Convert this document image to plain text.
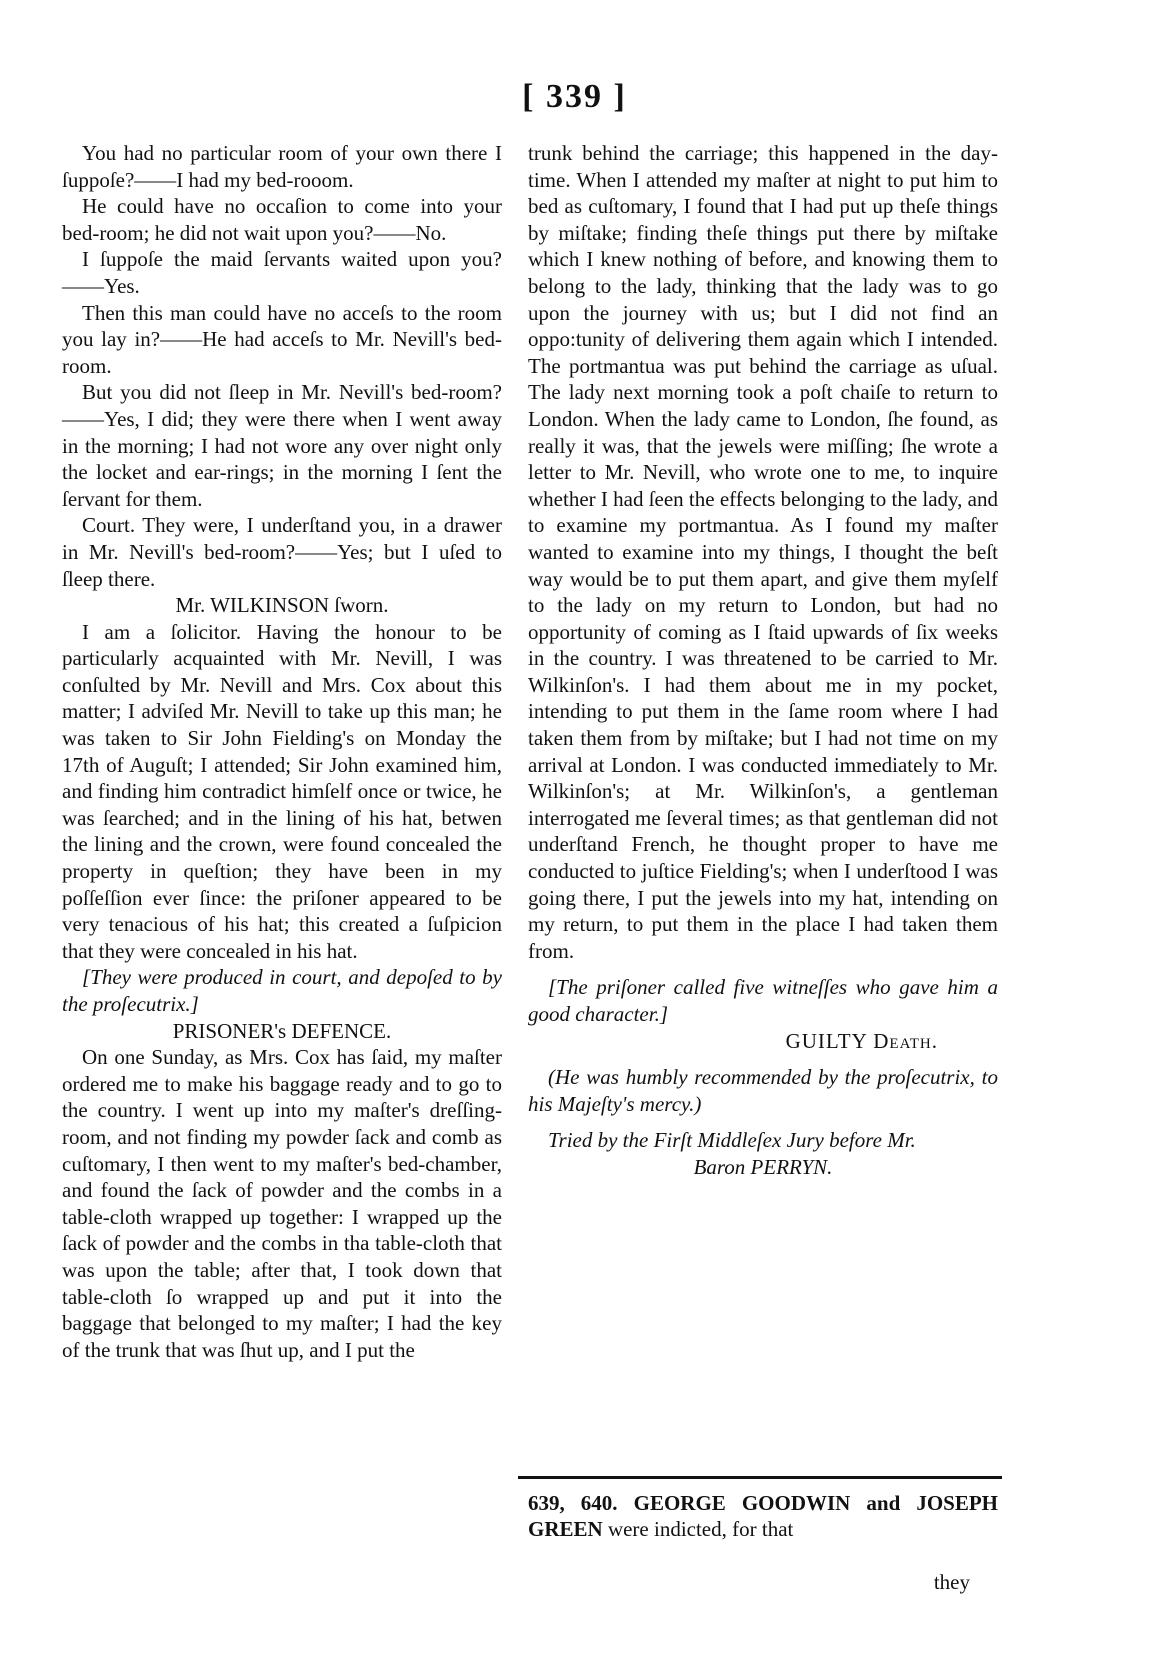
[ 339 ]

You had no particular room of your own there I ſuppoſe?——I had my bed-rooom.

He could have no occaſion to come into your bed-room; he did not wait upon you?——No.

I ſuppoſe the maid ſervants waited upon you?——Yes.

Then this man could have no acceſs to the room you lay in?——He had acceſs to Mr. Nevill's bed-room.

But you did not ſleep in Mr. Nevill's bed-room?——Yes, I did; they were there when I went away in the morning; I had not wore any over night only the locket and ear-rings; in the morning I ſent the ſervant for them.

Court. They were, I underſtand you, in a drawer in Mr. Nevill's bed-room?——Yes; but I uſed to ſleep there.

Mr. WILKINSON ſworn.

I am a ſolicitor. Having the honour to be particularly acquainted with Mr. Nevill, I was conſulted by Mr. Nevill and Mrs. Cox about this matter; I adviſed Mr. Nevill to take up this man; he was taken to Sir John Fielding's on Monday the 17th of Auguſt; I attended; Sir John examined him, and finding him contradict himſelf once or twice, he was ſearched; and in the lining of his hat, betwen the lining and the crown, were found concealed the property in queſtion; they have been in my poſſeſſion ever ſince: the priſoner appeared to be very tenacious of his hat; this created a ſuſpicion that they were concealed in his hat.

[They were produced in court, and depoſed to by the proſecutrix.]

PRISONER's DEFENCE.

On one Sunday, as Mrs. Cox has ſaid, my maſter ordered me to make his baggage ready and to go to the country. I went up into my maſter's dreſſing-room, and not finding my powder ſack and comb as cuſtomary, I then went to my maſter's bed-chamber, and found the ſack of powder and the combs in a table-cloth wrapped up together: I wrapped up the ſack of powder and the combs in tha table-cloth that was upon the table; after that, I took down that table-cloth ſo wrapped up and put it into the baggage that belonged to my maſter; I had the key of the trunk that was ſhut up, and I put the

trunk behind the carriage; this happened in the day-time. When I attended my maſter at night to put him to bed as cuſtomary, I found that I had put up theſe things by miſtake; finding theſe things put there by miſtake which I knew nothing of before, and knowing them to belong to the lady, thinking that the lady was to go upon the journey with us; but I did not find an oppo:tunity of delivering them again which I intended. The portmantua was put behind the carriage as uſual. The lady next morning took a poſt chaiſe to return to London. When the lady came to London, ſhe found, as really it was, that the jewels were miſſing; ſhe wrote a letter to Mr. Nevill, who wrote one to me, to inquire whether I had ſeen the effects belonging to the lady, and to examine my portmantua. As I found my maſter wanted to examine into my things, I thought the beſt way would be to put them apart, and give them myſelf to the lady on my return to London, but had no opportunity of coming as I ſtaid upwards of ſix weeks in the country. I was threatened to be carried to Mr. Wilkinſon's. I had them about me in my pocket, intending to put them in the ſame room where I had taken them from by miſtake; but I had not time on my arrival at London. I was conducted immediately to Mr. Wilkinſon's; at Mr. Wilkinſon's, a gentleman interrogated me ſeveral times; as that gentleman did not underſtand French, he thought proper to have me conducted to juſtice Fielding's; when I underſtood I was going there, I put the jewels into my hat, intending on my return, to put them in the place I had taken them from.

[The priſoner called five witneſſes who gave him a good character.]

GUILTY Death.

(He was humbly recommended by the proſecutrix, to his Majeſty's mercy.)

Tried by the Firſt Middleſex Jury before Mr.

Baron PERRYN.

639, 640. GEORGE GOODWIN and JOSEPH GREEN were indicted, for that
they
